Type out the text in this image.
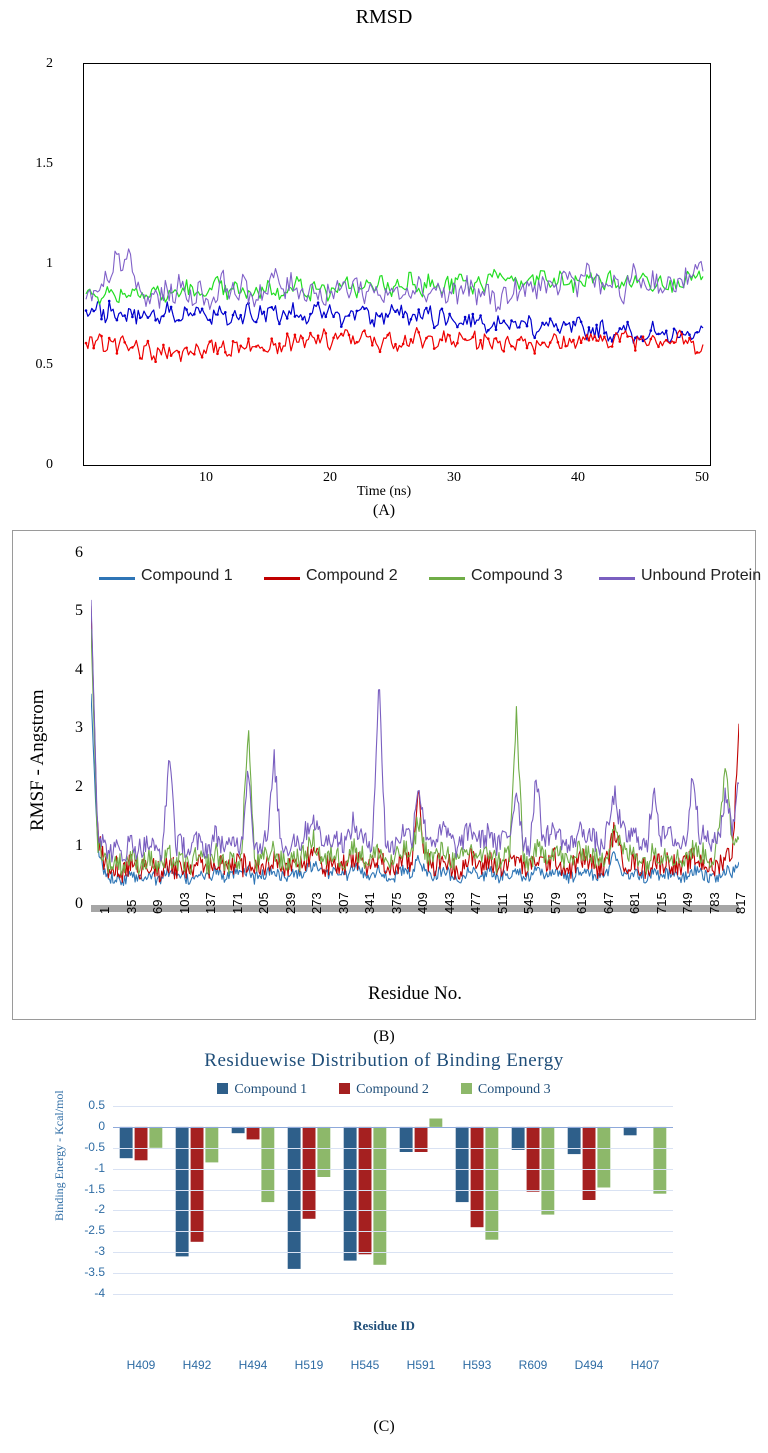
RMSD
2
1.5
1
0.5
0
10	20	30	40	50
Time (ns)
(A)
RMSF - Angstrom
6
5
4
3
2
1
0
Compound 1	Compound 2	Compound 3	Unbound Protein
1 35 69 103 137 171 205 239 273 307 341 375 409 443 477 511 545 579 613 647 681 715 749 783 817
Residue No.
(B)
Residuewise Distribution of Binding Energy
Compound 1	Compound 2	Compound 3
Binding Energy - Kcal/mol	0.5
0
-0.5
-1
-1.5
-2
-2.5
-3
-3.5
-4
H409	H492	H494	H519	H545	H591	H593	R609	D494	H407
Residue ID
(C)
